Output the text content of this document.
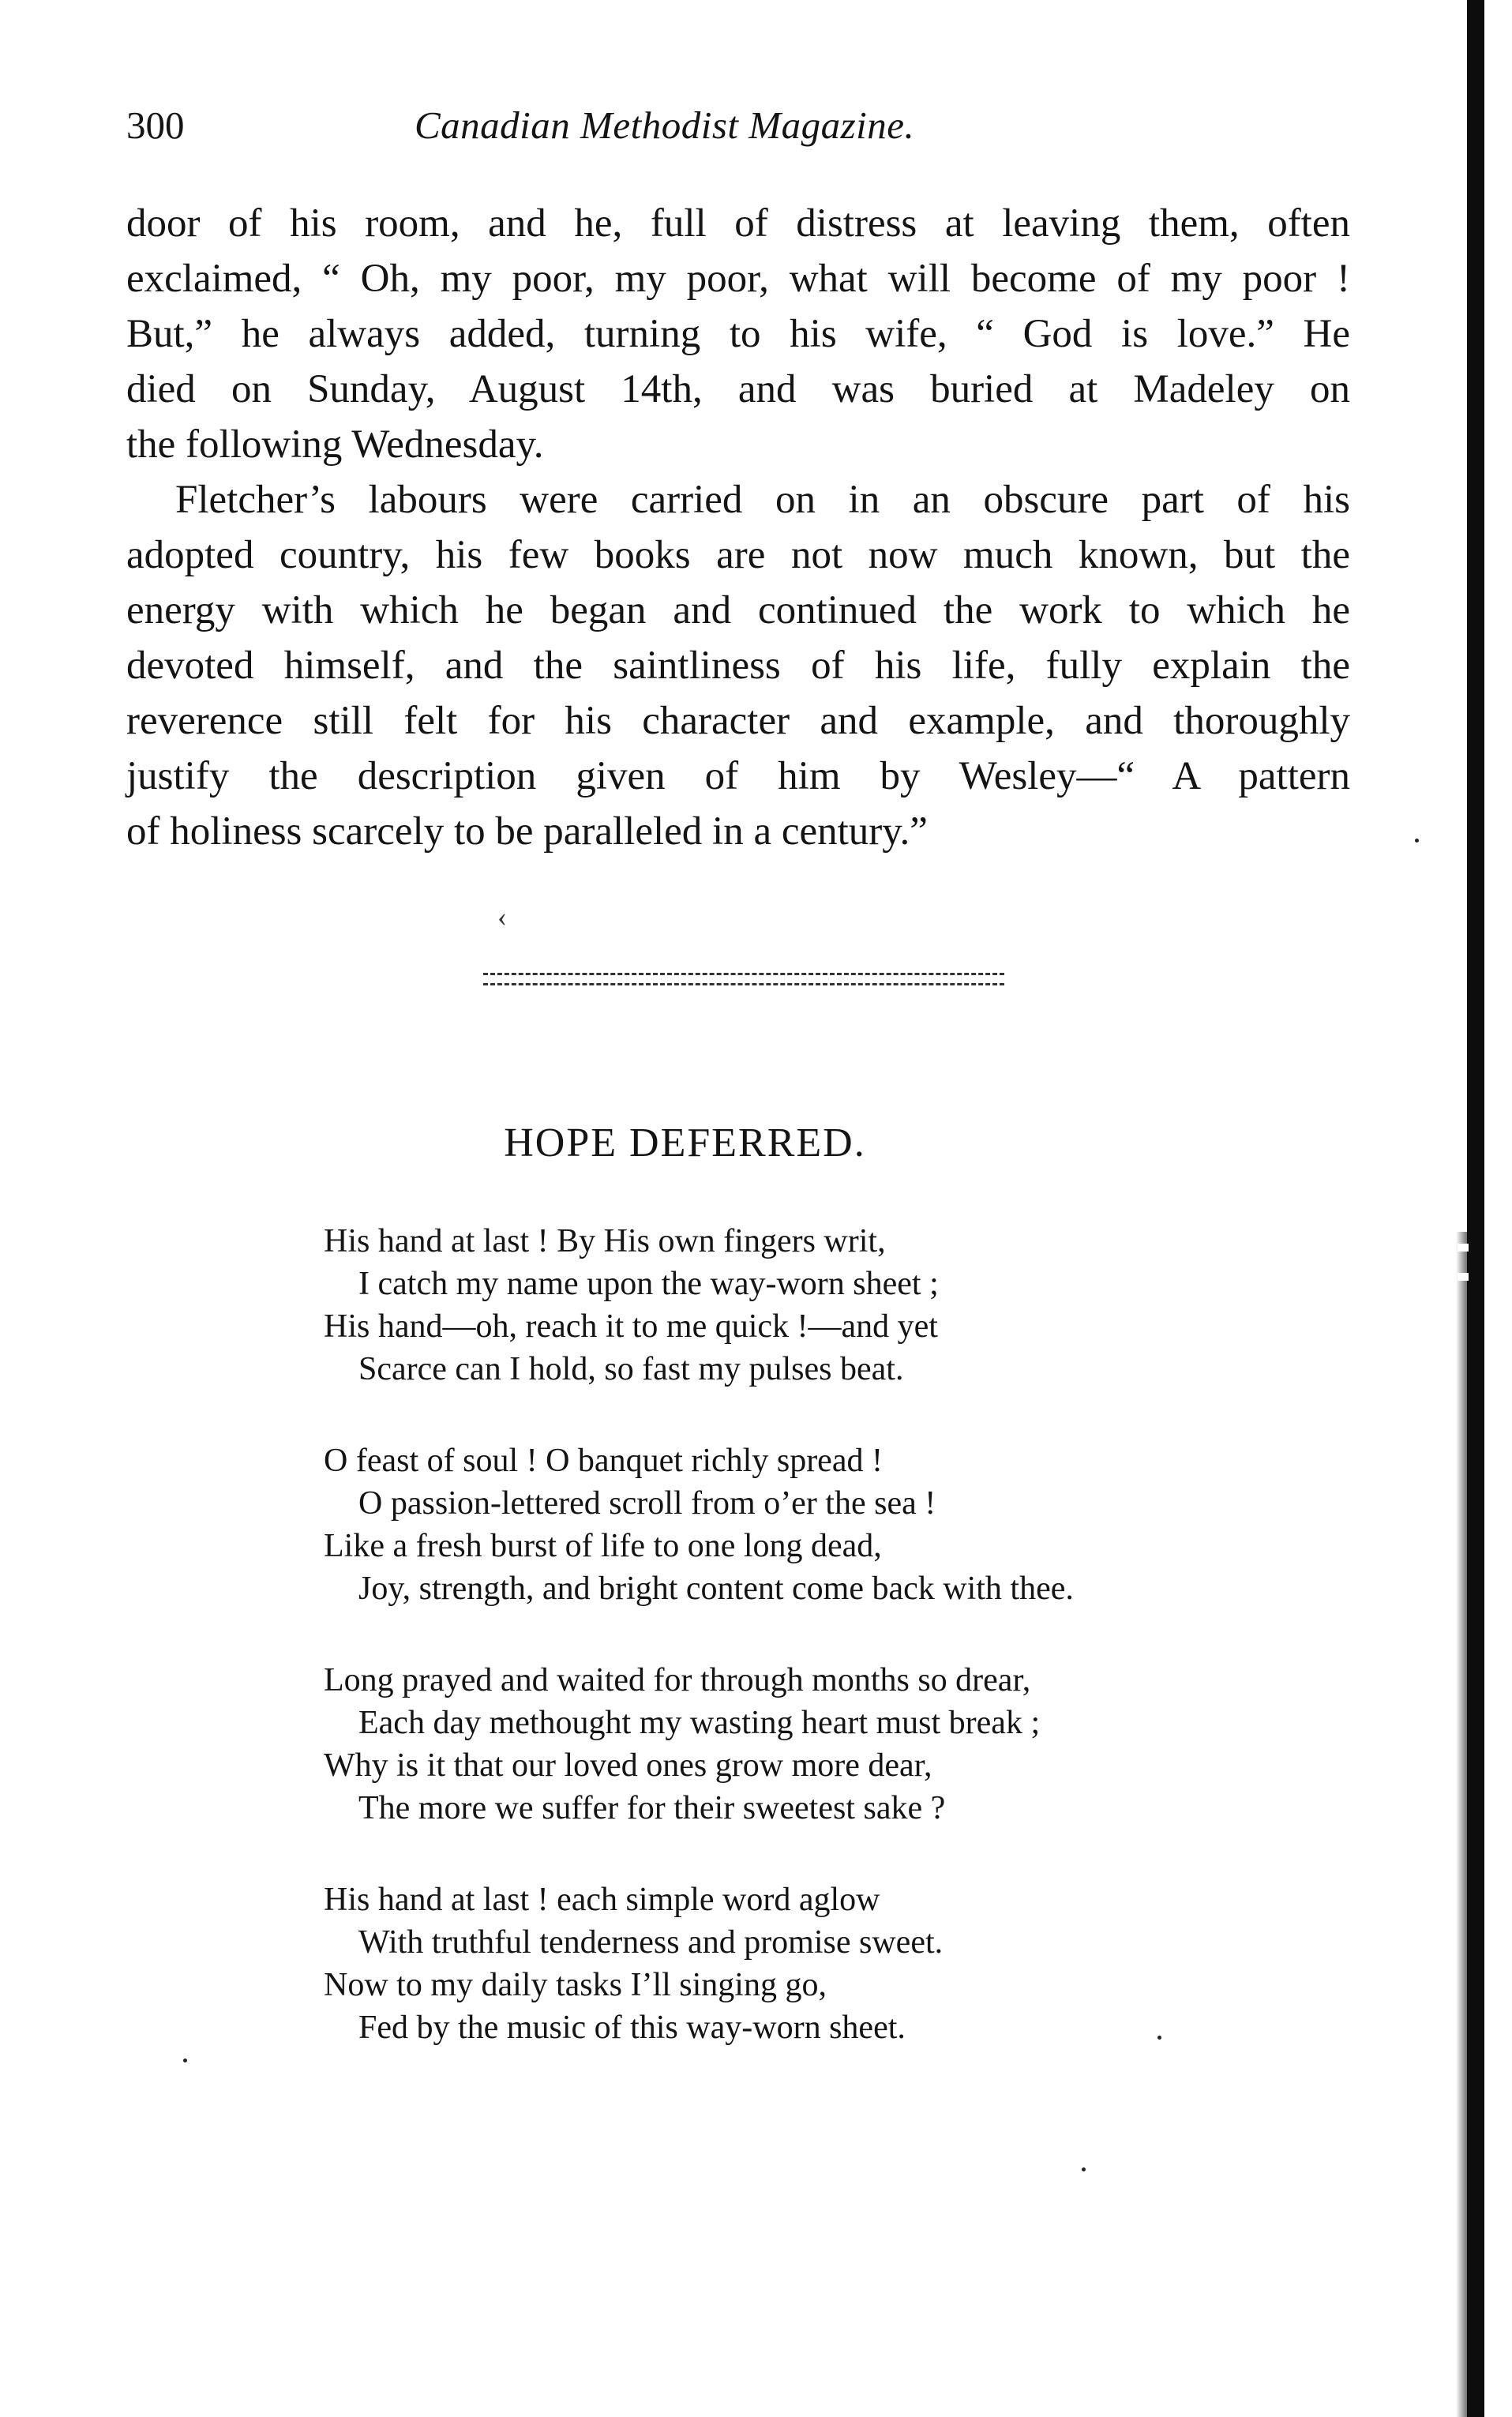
300	Canadian Methodist Magazine.
door of his room, and he, full of distress at leaving them, often
exclaimed, “ Oh, my poor, my poor, what will become of my poor !
But,” he always added, turning to his wife, “ God is love.” He
died on Sunday, August 14th, and was buried at Madeley on
the following Wednesday.
Fletcher’s labours were carried on in an obscure part of his
adopted country, his few books are not now much known, but the
energy with which he began and continued the work to which he
devoted himself, and the saintliness of his life, fully explain the
reverence still felt for his character and example, and thoroughly
justify the description given of him by Wesley—“ A pattern
of holiness scarcely to be paralleled in a century.”
‹
HOPE DEFERRED.
His hand at last ! By His own fingers writ,
I catch my name upon the way-worn sheet ;
His hand—oh, reach it to me quick !—and yet
Scarce can I hold, so fast my pulses beat.
O feast of soul ! O banquet richly spread !
O passion-lettered scroll from o’er the sea !
Like a fresh burst of life to one long dead,
Joy, strength, and bright content come back with thee.
Long prayed and waited for through months so drear,
Each day methought my wasting heart must break ;
Why is it that our loved ones grow more dear,
The more we suffer for their sweetest sake ?
His hand at last ! each simple word aglow
With truthful tenderness and promise sweet.
Now to my daily tasks I’ll singing go,
Fed by the music of this way-worn sheet.
